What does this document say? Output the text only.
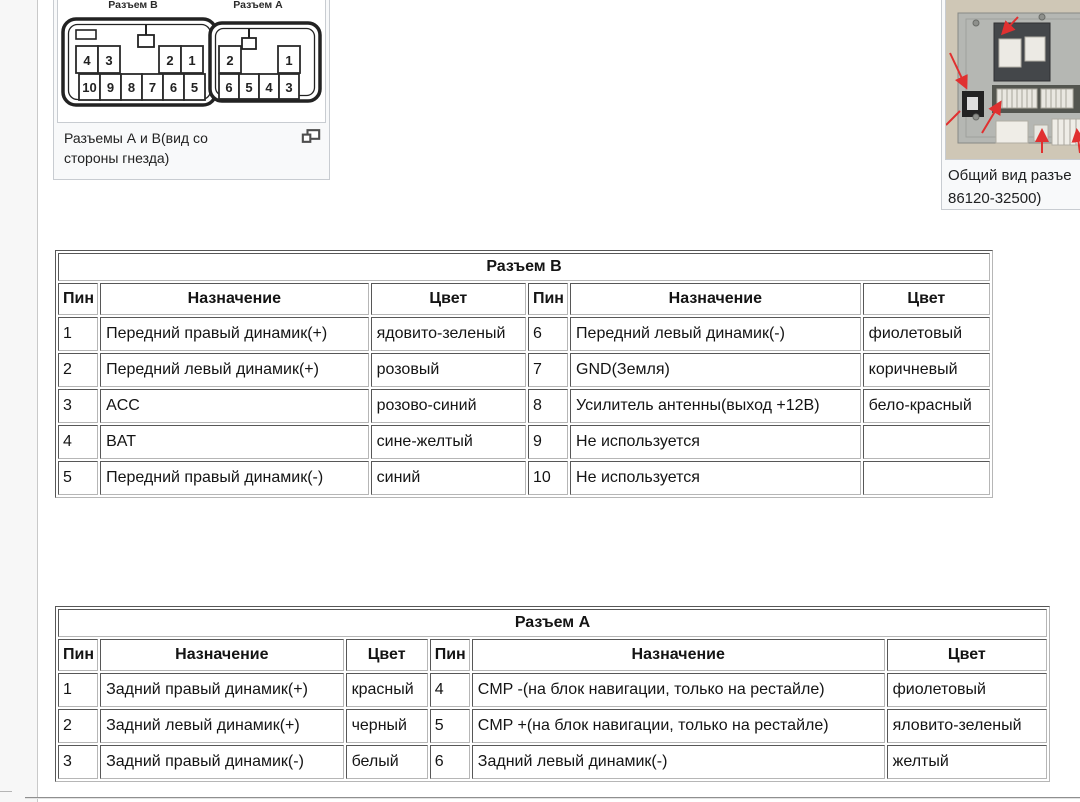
Разъем B	Разъем A
4 3	2 1
10 9 8 7 6 5
2	1
6 5 4 3
Разъемы А и В(вид со стороны гнезда)
Общий вид разъе
86120-32500)
Разъем B					
Пин	Назначение	Цвет	Пин	Назначение	Цвет
1	Передний правый динамик(+)	ядовито-зеленый	6	Передний левый динамик(-)	фиолетовый
2	Передний левый динамик(+)	розовый	7	GND(Земля)	коричневый
3	ACC	розово-синий	8	Усилитель антенны(выход +12В)	бело-красный
4	BAT	сине-желтый	9	Не используется	
5	Передний правый динамик(-)	синий	10	Не используется	
Разъем A					
Пин	Назначение	Цвет	Пин	Назначение	Цвет
1	Задний правый динамик(+)	красный	4	CMP -(на блок навигации, только на рестайле)	фиолетовый
2	Задний левый динамик(+)	черный	5	CMP +(на блок навигации, только на рестайле)	яловито-зеленый
3	Задний правый динамик(-)	белый	6	Задний левый динамик(-)	желтый
